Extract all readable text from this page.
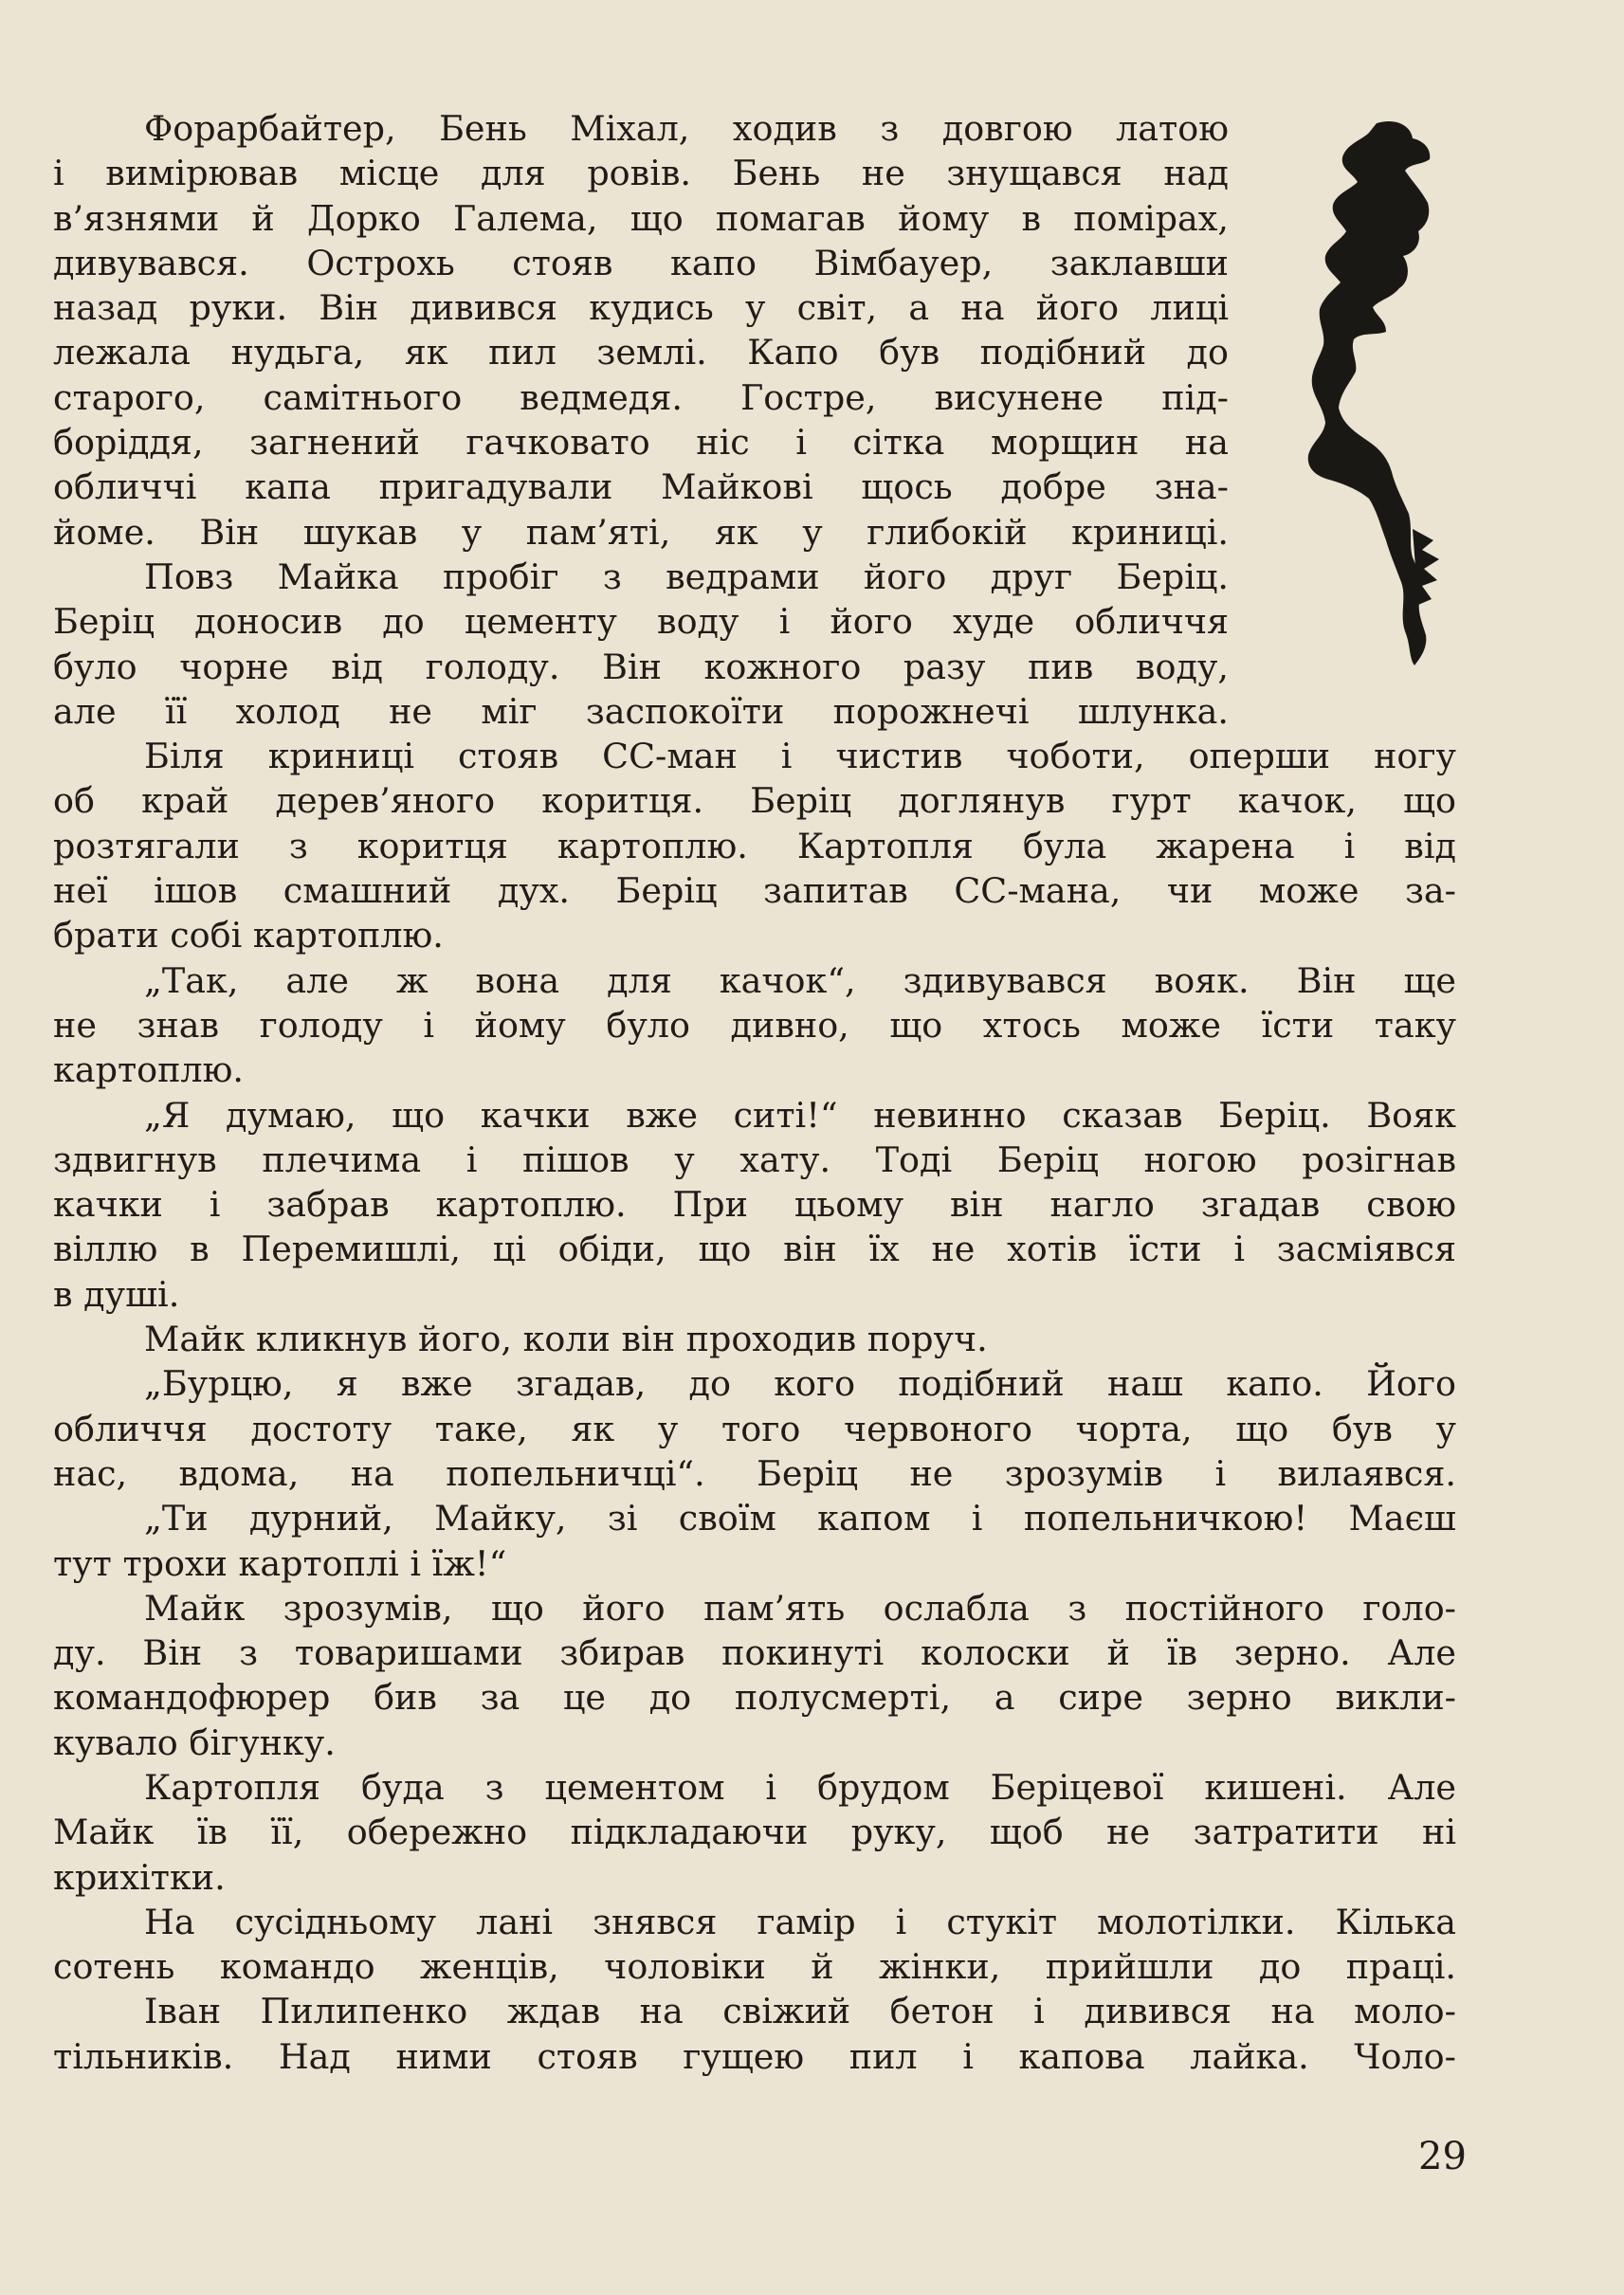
Форарбайтер, Бень Міхал, ходив з довгою латою
і вимірював місце для ровів. Бень не знущався над
в’язнями й Дорко Галема, що помагав йому в помірах,
дивувався. Острохь стояв капо Вімбауер, заклавши
назад руки. Він дивився кудись у світ, а на його лиці
лежала нудьга, як пил землі. Капо був подібний до
старого, самітнього ведмедя. Гостре, висунене під-
боріддя, загнений гачковато ніс і сітка морщин на
обличчі капа пригадували Майкові щось добре зна-
йоме. Він шукав у пам’яті, як у глибокій криниці.
Повз Майка пробіг з ведрами його друг Беріц.
Беріц доносив до цементу воду і його худе обличчя
було чорне від голоду. Він кожного разу пив воду,
але її холод не міг заспокоїти порожнечі шлунка.
Біля криниці стояв СС-ман і чистив чоботи, оперши ногу
об край дерев’яного коритця. Беріц доглянув гурт качок, що
розтягали з коритця картоплю. Картопля була жарена і від
неї ішов смашний дух. Беріц запитав СС-мана, чи може за-
брати собі картоплю.
„Так, але ж вона для качок“, здивувався вояк. Він ще
не знав голоду і йому було дивно, що хтось може їсти таку
картоплю.
„Я думаю, що качки вже ситі!“ невинно сказав Беріц. Вояк
здвигнув плечима і пішов у хату. Тоді Беріц ногою розігнав
качки і забрав картоплю. При цьому він нагло згадав свою
віллю в Перемишлі, ці обіди, що він їх не хотів їсти і засміявся
в душі.
Майк кликнув його, коли він проходив поруч.
„Бурцю, я вже згадав, до кого подібний наш капо. Його
обличчя достоту таке, як у того червоного чорта, що був у
нас, вдома, на попельничці“. Беріц не зрозумів і вилаявся.
„Ти дурний, Майку, зі своїм капом і попельничкою! Маєш
тут трохи картоплі і їж!“
Майк зрозумів, що його пам’ять ослабла з постійного голо-
ду. Він з товаришами збирав покинуті колоски й їв зерно. Але
командофюрер бив за це до полусмерті, а сире зерно викли-
кувало бігунку.
Картопля буда з цементом і брудом Беріцевої кишені. Але
Майк їв її, обережно підкладаючи руку, щоб не затратити ні
крихітки.
На сусідньому лані знявся гамір і стукіт молотілки. Кілька
сотень командо женців, чоловіки й жінки, прийшли до праці.
Іван Пилипенко ждав на свіжий бетон і дивився на моло-
тільників. Над ними стояв гущею пил і капова лайка. Чоло-
29
